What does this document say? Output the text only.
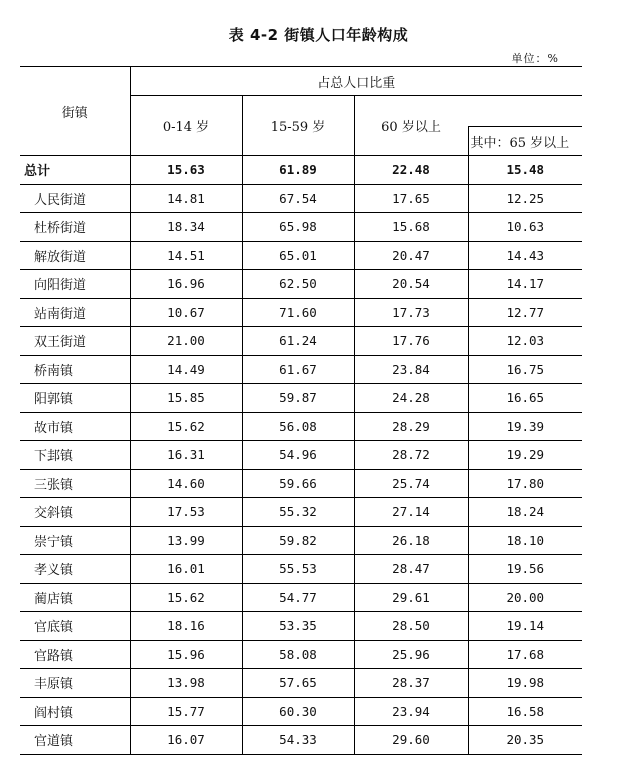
表 4-2 街镇人口年龄构成
单位：%
街镇	占总人口比重			
	0-14 岁	15-59 岁	60 岁以上	
				其中：65 岁以上
总计	15.63	61.89	22.48	15.48
人民街道	14.81	67.54	17.65	12.25
杜桥街道	18.34	65.98	15.68	10.63
解放街道	14.51	65.01	20.47	14.43
向阳街道	16.96	62.50	20.54	14.17
站南街道	10.67	71.60	17.73	12.77
双王街道	21.00	61.24	17.76	12.03
桥南镇	14.49	61.67	23.84	16.75
阳郭镇	15.85	59.87	24.28	16.65
故市镇	15.62	56.08	28.29	19.39
下邽镇	16.31	54.96	28.72	19.29
三张镇	14.60	59.66	25.74	17.80
交斜镇	17.53	55.32	27.14	18.24
崇宁镇	13.99	59.82	26.18	18.10
孝义镇	16.01	55.53	28.47	19.56
蔺店镇	15.62	54.77	29.61	20.00
官底镇	18.16	53.35	28.50	19.14
官路镇	15.96	58.08	25.96	17.68
丰原镇	13.98	57.65	28.37	19.98
阎村镇	15.77	60.30	23.94	16.58
官道镇	16.07	54.33	29.60	20.35
